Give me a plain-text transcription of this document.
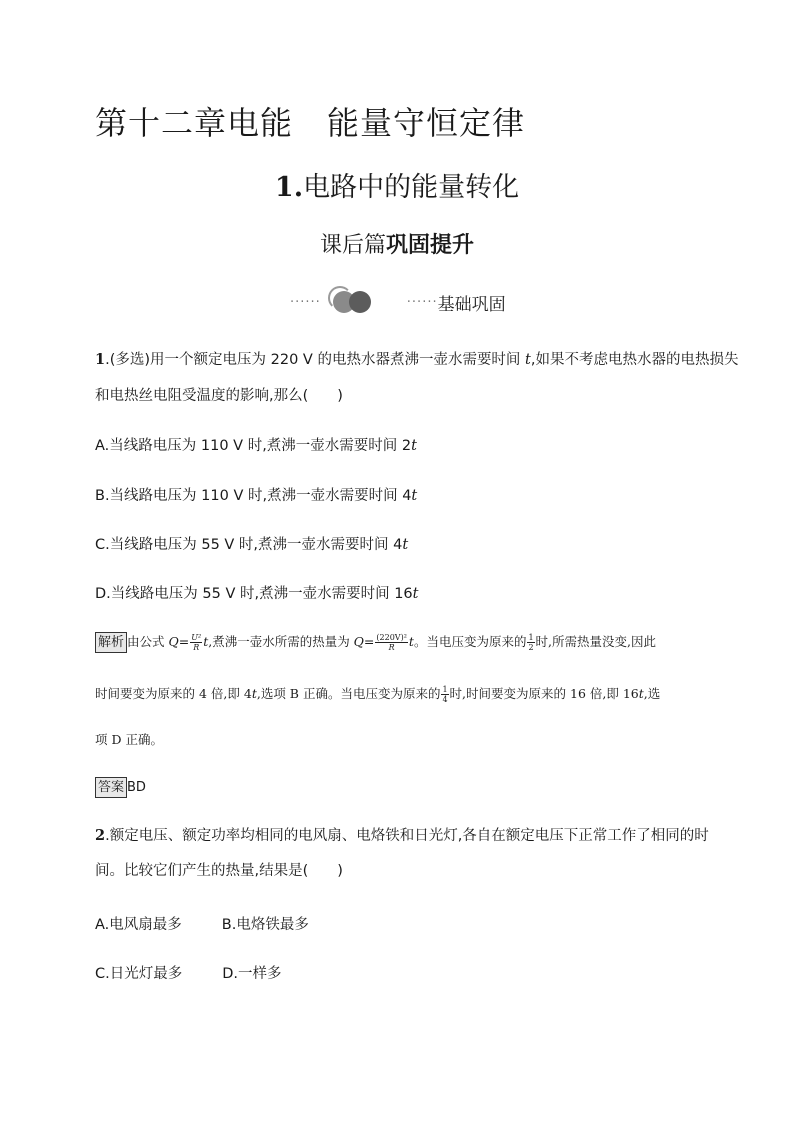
第十二章电能 能量守恒定律
1.电路中的能量转化
课后篇巩固提升
······	······ 基础巩固
1.(多选)用一个额定电压为 220 V 的电热水器煮沸一壶水需要时间 t,如果不考虑电热水器的电热损失
和电热丝电阻受温度的影响,那么(　　)
A.当线路电压为 110 V 时,煮沸一壶水需要时间 2t
B.当线路电压为 110 V 时,煮沸一壶水需要时间 4t
C.当线路电压为 55 V 时,煮沸一壶水需要时间 4t
D.当线路电压为 55 V 时,煮沸一壶水需要时间 16t
解析 由公式 $Q= \frac{\text{U²}}{R} t$,煮沸一壶水所需的热量为 $Q= \frac{\text{(220V)²}}{R}$ t。当电压变为原来的 $\frac{1}{2}$ 时,所需热量没变,因此
时间要变为原来的 4 倍,即 4t,选项 B 正确。当电压变为原来的 $\frac{1}{4}$ 时,时间要变为原来的 16 倍,即 16t,选
项 D 正确。
答案 BD
2.额定电压、额定功率均相同的电风扇、电烙铁和日光灯,各自在额定电压下正常工作了相同的时
间。比较它们产生的热量,结果是(　　)
A.电风扇最多	B.电烙铁最多
C.日光灯最多	D.一样多
